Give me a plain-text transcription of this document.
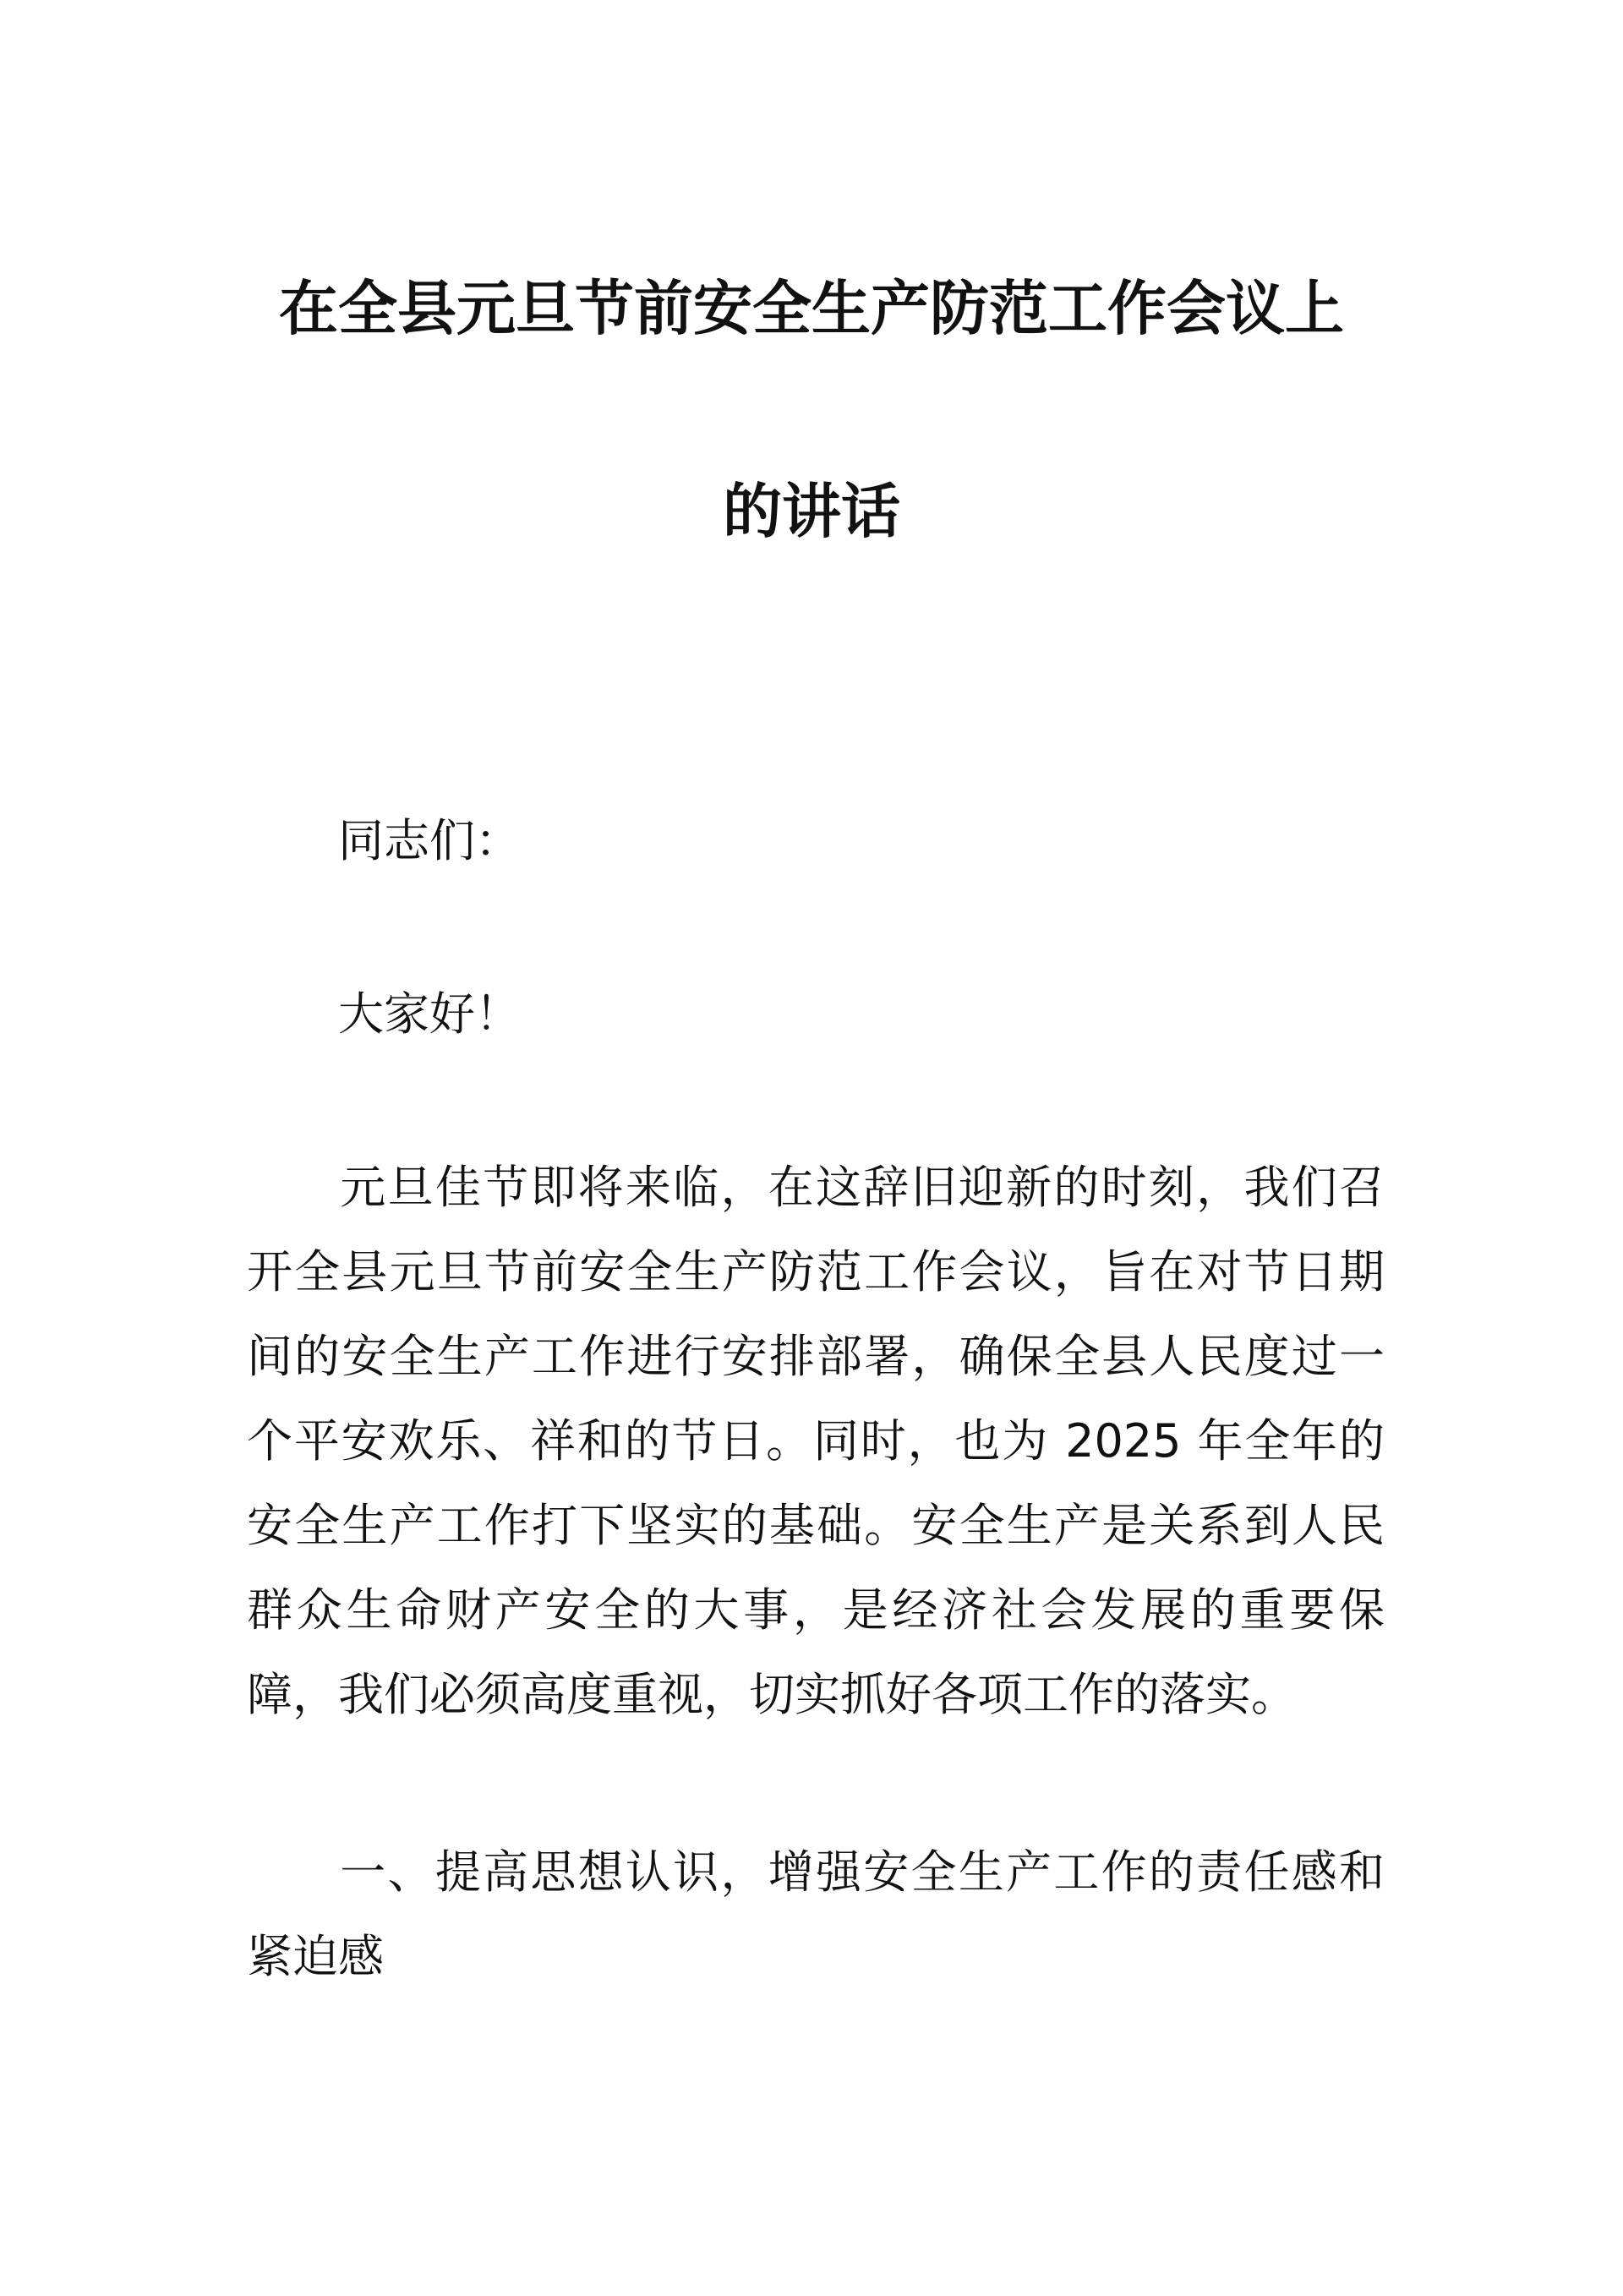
在全县元旦节前安全生产防范工作会议上
的讲话
同志们：
大家好！
元旦佳节即将来临，在这辞旧迎新的时刻，我们召开全县元旦节前安全生产防范工作会议，旨在对节日期间的安全生产工作进行安排部署，确保全县人民度过一个平安欢乐、祥和的节日。同时，也为 2025 年全年的安全生产工作打下坚实的基础。安全生产是关系到人民群众生命财产安全的大事，是经济社会发展的重要保障，我们必须高度重视，切实抓好各项工作的落实。
一、提高思想认识，增强安全生产工作的责任感和紧迫感
